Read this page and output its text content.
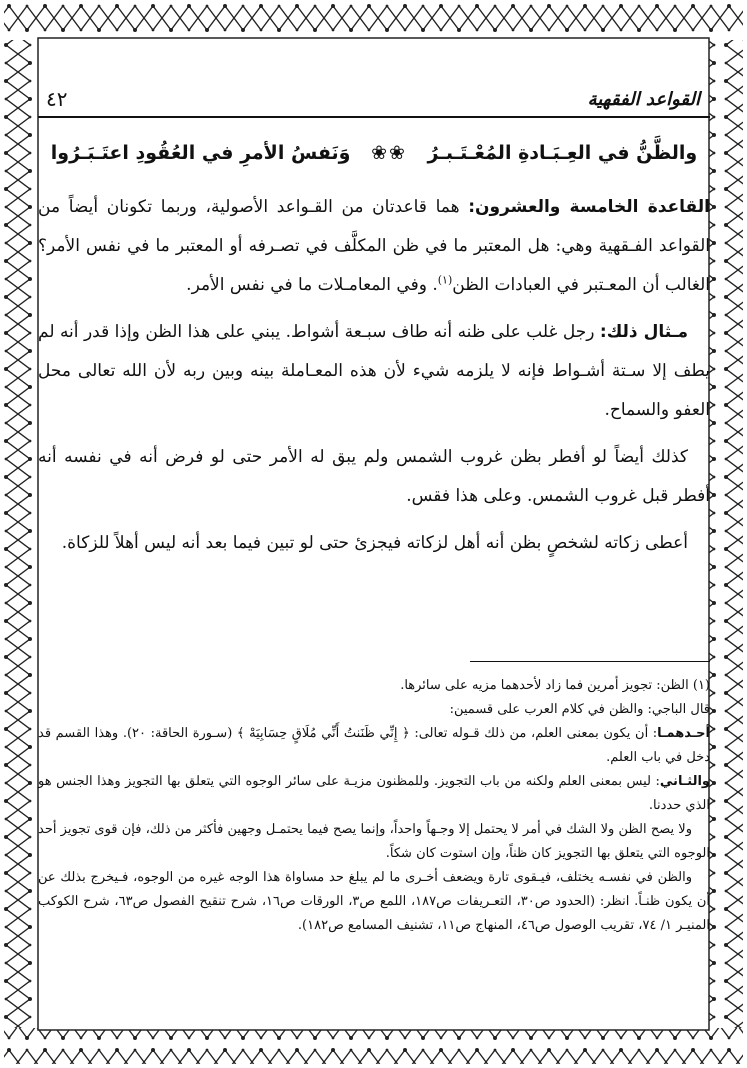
القواعد الفقهية
٤٢
والظَّنُّ في العِـبَـادةِ المُعْـتَـبـرُ ❀❀ وَنَفسُ الأمرِ في العُقُودِ اعتَـبَـرُوا

القاعدة الخامسة والعشرون: هما قاعدتان من القـواعد الأصولية، وربما تكونان أيضاً من القواعد الفـقهية وهي: هل المعتبر ما في ظن المكلَّف في تصـرفه أو المعتبر ما في نفس الأمر؟ الغالب أن المعـتبر في العبادات الظن$^{(١)}$. وفي المعامـلات ما في نفس الأمر.

مـثال ذلك: رجل غلب على ظنه أنه طاف سبـعة أشواط. يبني على هذا الظن وإذا قدر أنه لم يطف إلا سـتة أشـواط فإنه لا يلزمه شيء لأن هذه المعـاملة بينه وبين ربه لأن الله تعالى محل العفو والسماح.

كذلك أيضاً لو أفطر بظن غروب الشمس ولم يبق له الأمر حتى لو فرض أنه في نفسه أنه أفطر قبل غروب الشمس. وعلى هذا فقس.

أعطى زكاته لشخصٍ بظن أنه أهل لزكاته فيجزئ حتى لو تبين فيما بعد أنه ليس أهلاً للزكاة.

(١) الظن: تجويز أمرين فما زاد لأحدهما مزيه على سائرها.

قال الباجي: والظن في كلام العرب على قسمين:

أحـدهمـا: أن يكون بمعنى العلم، من ذلك قـوله تعالى: ﴿ إِنِّي ظَنَنتُ أَنِّي مُلَاقٍ حِسَابِيَهْ ﴾ (سـورة الحاقة: ٢٠). وهذا القسم قد دخل في باب العلم.

والثـاني: ليس بمعنى العلم ولكنه من باب التجويز. وللمظنون مزيـة على سائر الوجوه التي يتعلق بها التجويز وهذا الجنس هو الذي حددنا.

ولا يصح الظن ولا الشك في أمر لا يحتمل إلا وجـهاً واحداً، وإنما يصح فيما يحتمـل وجهين فأكثر من ذلك، فإن قوى تجويز أحد الوجوه التي يتعلق بها التجويز كان ظناً، وإن استوت كان شكاً.

والظن في نفسـه يختلف، فيـقوى تارة ويضعف أخـرى ما لم يبلغ حد مساواة هذا الوجه غيره من الوجوه، فـيخرج بذلك عن أن يكون ظنـاً. انظر: (الحدود ص٣٠، التعـريفات ص١٨٧، اللمع ص٣، الورقات ص١٦، شرح تنقيح الفصول ص٦٣، شرح الكوكب المنيـر ١/ ٧٤، تقريب الوصول ص٤٦، المنهاج ص١١، تشنيف المسامع ص١٨٢).
